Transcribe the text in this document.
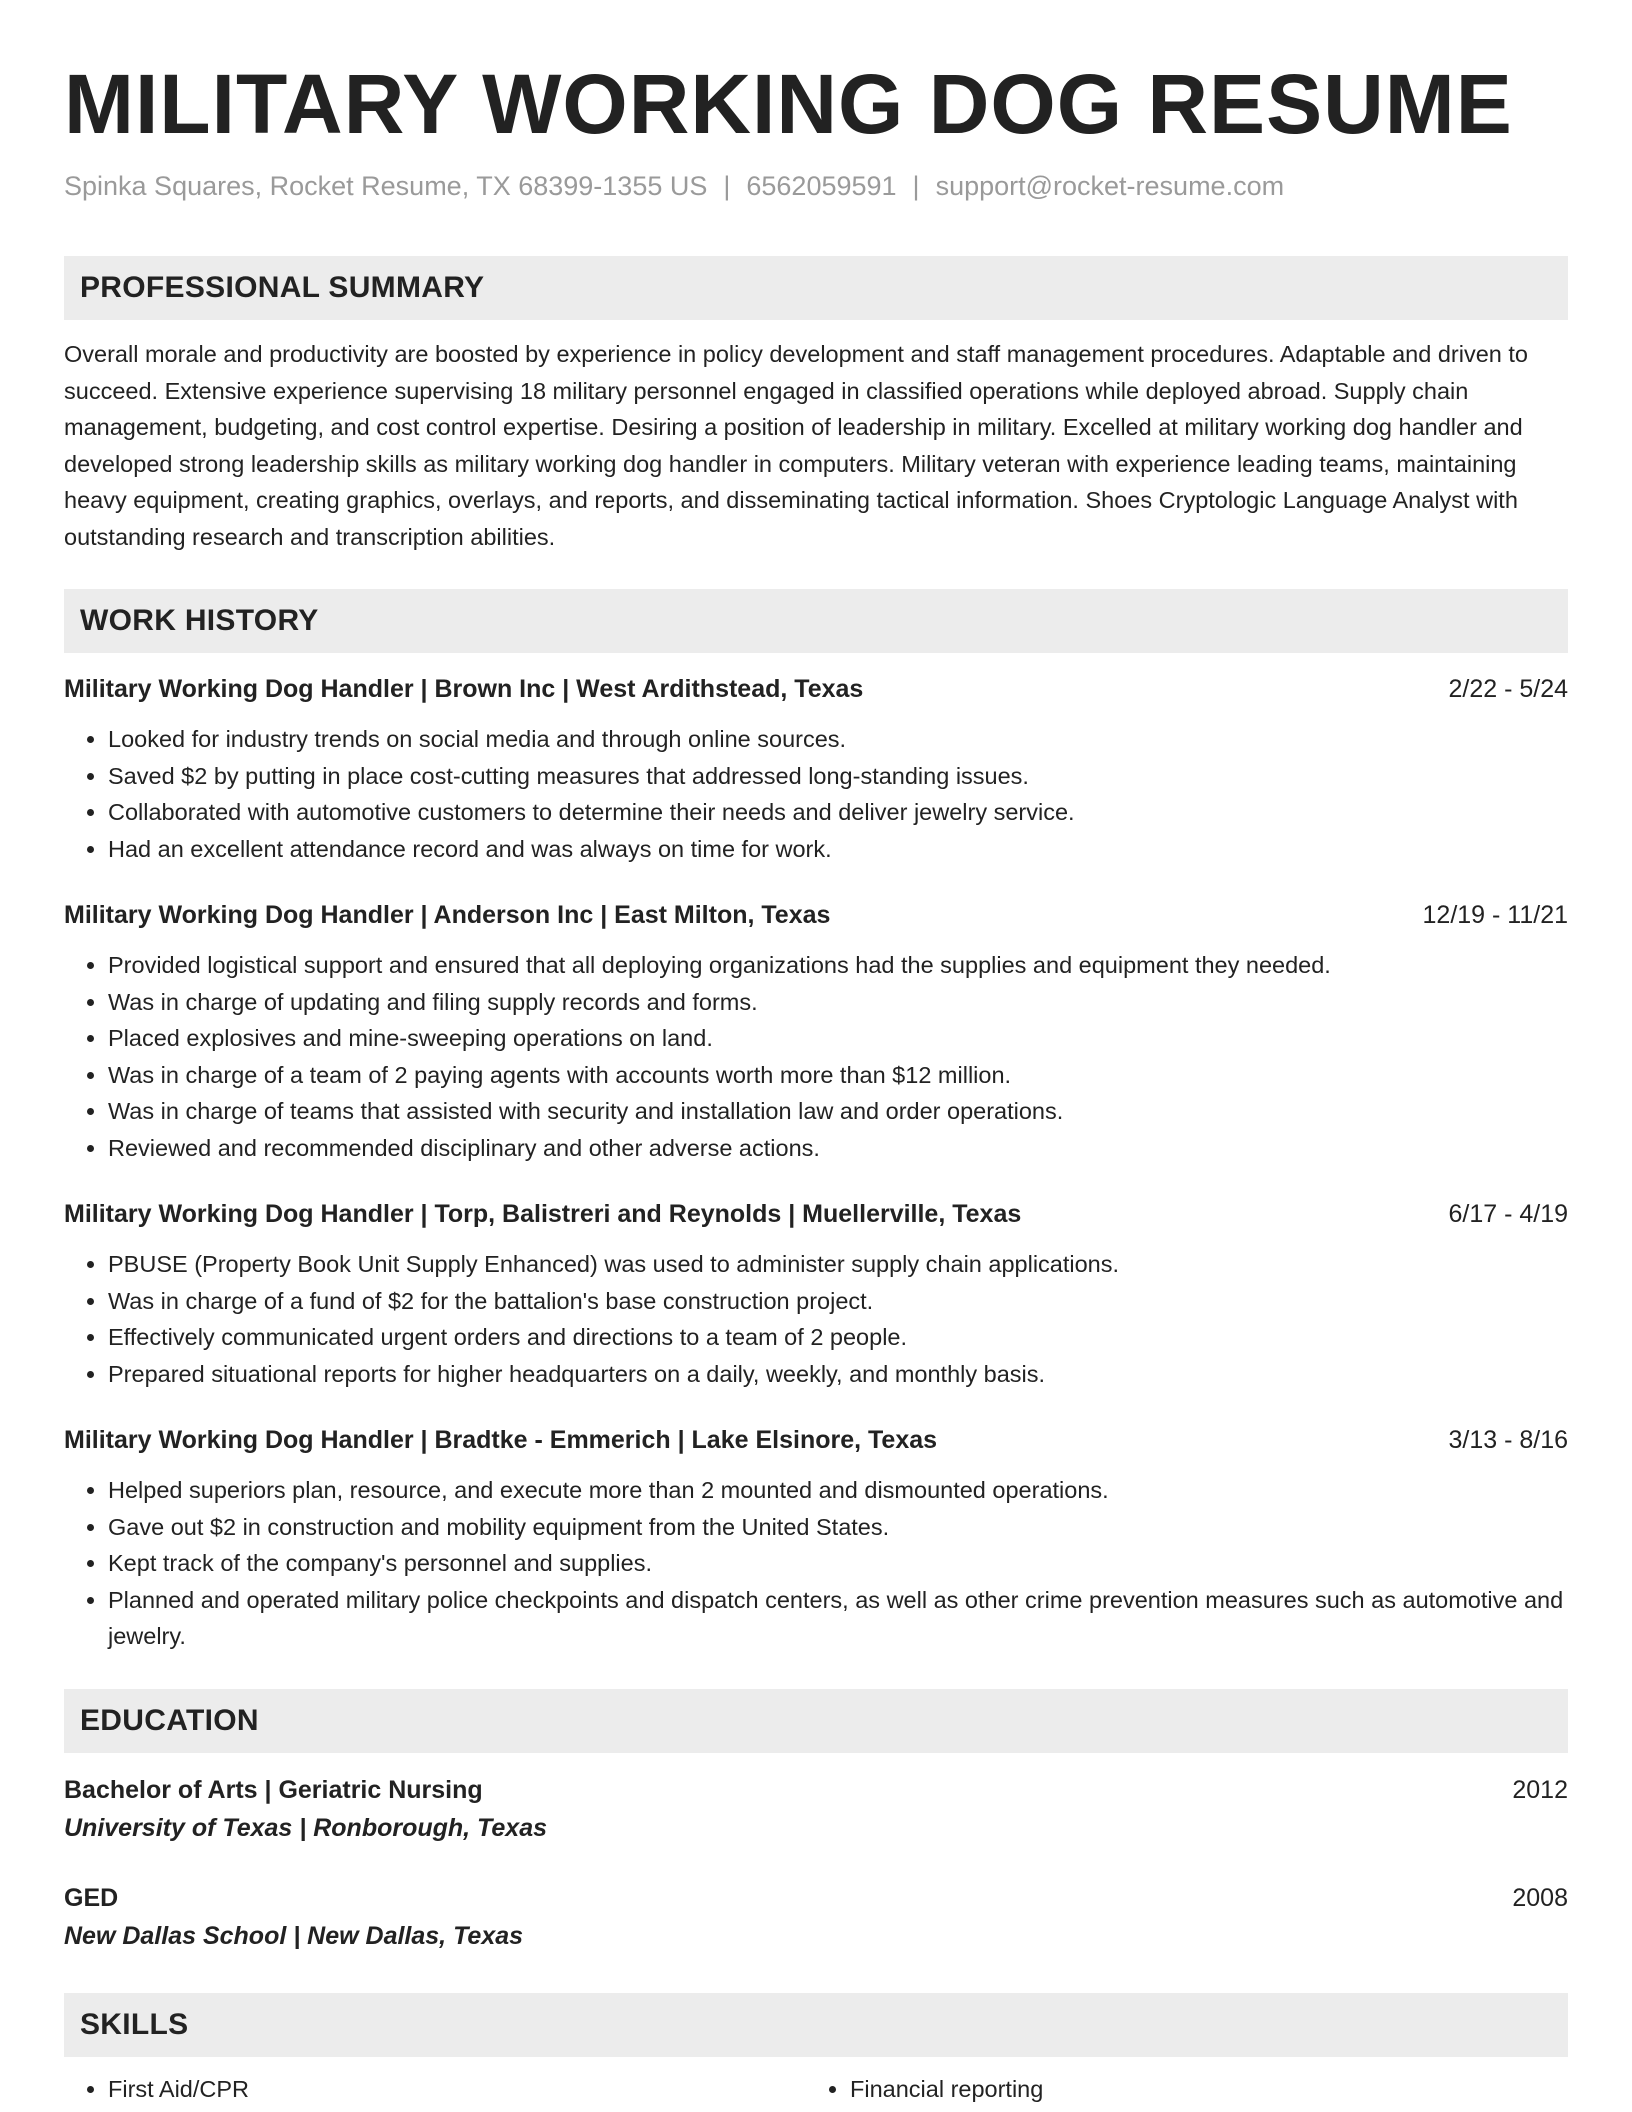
MILITARY WORKING DOG RESUME
Spinka Squares, Rocket Resume, TX 68399-1355 US | 6562059591 | support@rocket-resume.com
PROFESSIONAL SUMMARY
Overall morale and productivity are boosted by experience in policy development and staff management procedures. Adaptable and driven to succeed. Extensive experience supervising 18 military personnel engaged in classified operations while deployed abroad. Supply chain management, budgeting, and cost control expertise. Desiring a position of leadership in military. Excelled at military working dog handler and developed strong leadership skills as military working dog handler in computers. Military veteran with experience leading teams, maintaining heavy equipment, creating graphics, overlays, and reports, and disseminating tactical information. Shoes Cryptologic Language Analyst with outstanding research and transcription abilities.
WORK HISTORY
Military Working Dog Handler | Brown Inc | West Ardithstead, Texas	2/22 - 5/24
• Looked for industry trends on social media and through online sources.
• Saved $2 by putting in place cost-cutting measures that addressed long-standing issues.
• Collaborated with automotive customers to determine their needs and deliver jewelry service.
• Had an excellent attendance record and was always on time for work.
Military Working Dog Handler | Anderson Inc | East Milton, Texas	12/19 - 11/21
• Provided logistical support and ensured that all deploying organizations had the supplies and equipment they needed.
• Was in charge of updating and filing supply records and forms.
• Placed explosives and mine-sweeping operations on land.
• Was in charge of a team of 2 paying agents with accounts worth more than $12 million.
• Was in charge of teams that assisted with security and installation law and order operations.
• Reviewed and recommended disciplinary and other adverse actions.
Military Working Dog Handler | Torp, Balistreri and Reynolds | Muellerville, Texas	6/17 - 4/19
• PBUSE (Property Book Unit Supply Enhanced) was used to administer supply chain applications.
• Was in charge of a fund of $2 for the battalion's base construction project.
• Effectively communicated urgent orders and directions to a team of 2 people.
• Prepared situational reports for higher headquarters on a daily, weekly, and monthly basis.
Military Working Dog Handler | Bradtke - Emmerich | Lake Elsinore, Texas	3/13 - 8/16
• Helped superiors plan, resource, and execute more than 2 mounted and dismounted operations.
• Gave out $2 in construction and mobility equipment from the United States.
• Kept track of the company's personnel and supplies.
• Planned and operated military police checkpoints and dispatch centers, as well as other crime prevention measures such as automotive and jewelry.
EDUCATION
Bachelor of Arts | Geriatric Nursing	2012
University of Texas | Ronborough, Texas
GED	2008
New Dallas School | New Dallas, Texas
SKILLS
• First Aid/CPR
•	Financial reporting
